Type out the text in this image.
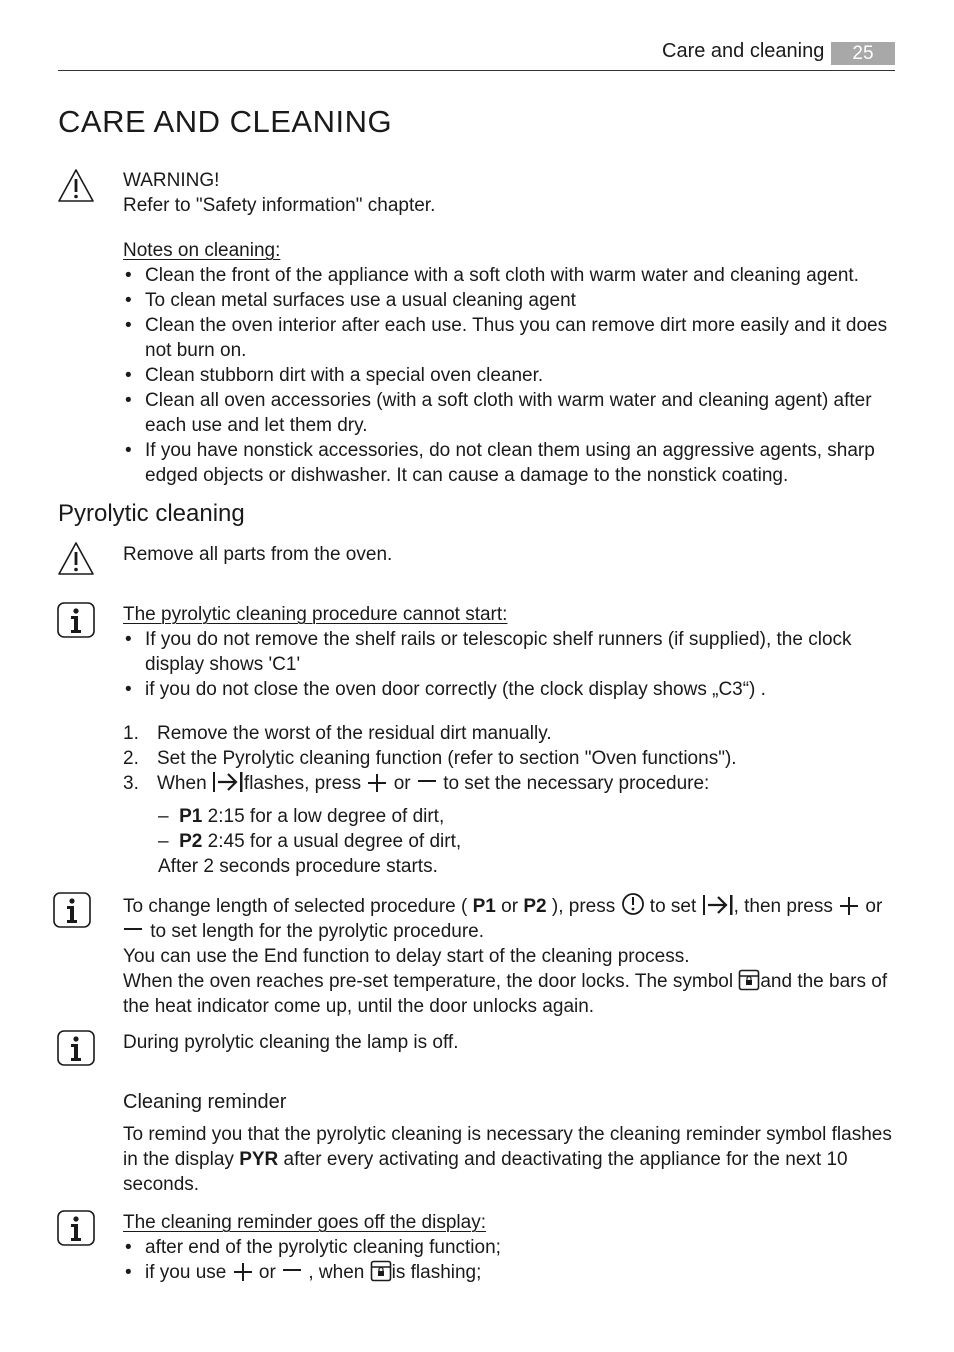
Care and cleaning	25
CARE AND CLEANING
WARNING!
Refer to "Safety information" chapter.
Notes on cleaning:
• Clean the front of the appliance with a soft cloth with warm water and cleaning agent.
• To clean metal surfaces use a usual cleaning agent
• Clean the oven interior after each use. Thus you can remove dirt more easily and it does not burn on.
• Clean stubborn dirt with a special oven cleaner.
• Clean all oven accessories (with a soft cloth with warm water and cleaning agent) after each use and let them dry.
• If you have nonstick accessories, do not clean them using an aggressive agents, sharp edged objects or dishwasher. It can cause a damage to the nonstick coating.
Pyrolytic cleaning
Remove all parts from the oven.
The pyrolytic cleaning procedure cannot start:
• If you do not remove the shelf rails or telescopic shelf runners (if supplied), the clock display shows 'C1'
• if you do not close the oven door correctly (the clock display shows „C3“) .
1. Remove the worst of the residual dirt manually.
2. Set the Pyrolytic cleaning function (refer to section "Oven functions").
3. When flashes, press or to set the necessary procedure:
–  P1 2:15 for a low degree of dirt,
–  P2 2:45 for a usual degree of dirt,
After 2 seconds procedure starts.
To change length of selected procedure ( P1 or P2 ), press to set , then press or
to set length for the pyrolytic procedure.
You can use the End function to delay start of the cleaning process.
When the oven reaches pre-set temperature, the door locks. The symbol and the bars of
the heat indicator come up, until the door unlocks again.
During pyrolytic cleaning the lamp is off.
Cleaning reminder
To remind you that the pyrolytic cleaning is necessary the cleaning reminder symbol flashes in the display PYR after every activating and deactivating the appliance for the next 10 seconds.
The cleaning reminder goes off the display:
• after end of the pyrolytic cleaning function;
• if you use or , when is flashing;
